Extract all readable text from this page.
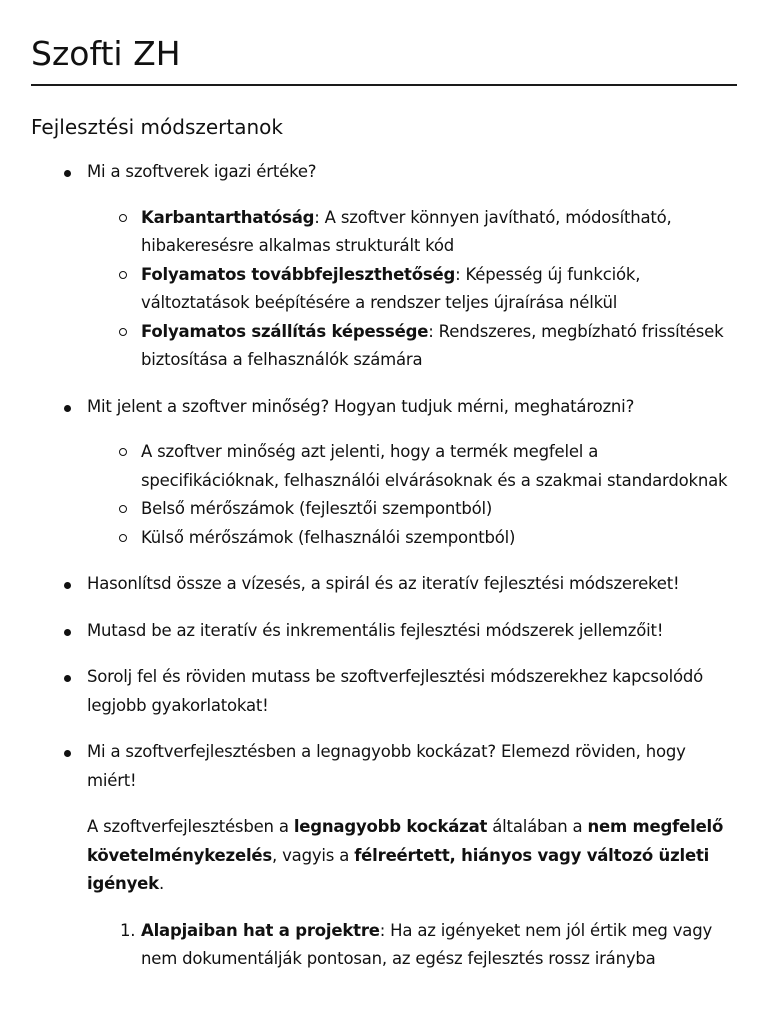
Szofti ZH
Fejlesztési módszertanok
Mi a szoftverek igazi értéke?
Karbantarthatóság: A szoftver könnyen javítható, módosítható, hibakeresésre alkalmas strukturált kód
Folyamatos továbbfejleszthetőség: Képesség új funkciók, változtatások beépítésére a rendszer teljes újraírása nélkül
Folyamatos szállítás képessége: Rendszeres, megbízható frissítések biztosítása a felhasználók számára
Mit jelent a szoftver minőség? Hogyan tudjuk mérni, meghatározni?
A szoftver minőség azt jelenti, hogy a termék megfelel a specifikációknak, felhasználói elvárásoknak és a szakmai standardoknak
Belső mérőszámok (fejlesztői szempontból)
Külső mérőszámok (felhasználói szempontból)
Hasonlítsd össze a vízesés, a spirál és az iteratív fejlesztési módszereket!
Mutasd be az iteratív és inkrementális fejlesztési módszerek jellemzőit!
Sorolj fel és röviden mutass be szoftverfejlesztési módszerekhez kapcsolódó legjobb gyakorlatokat!
Mi a szoftverfejlesztésben a legnagyobb kockázat? Elemezd röviden, hogy miért!

A szoftverfejlesztésben a legnagyobb kockázat általában a nem megfelelő követelménykezelés, vagyis a félreértett, hiányos vagy változó üzleti igények.

1. Alapjaiban hat a projektre: Ha az igényeket nem jól értik meg vagy nem dokumentálják pontosan, az egész fejlesztés rossz irányba
